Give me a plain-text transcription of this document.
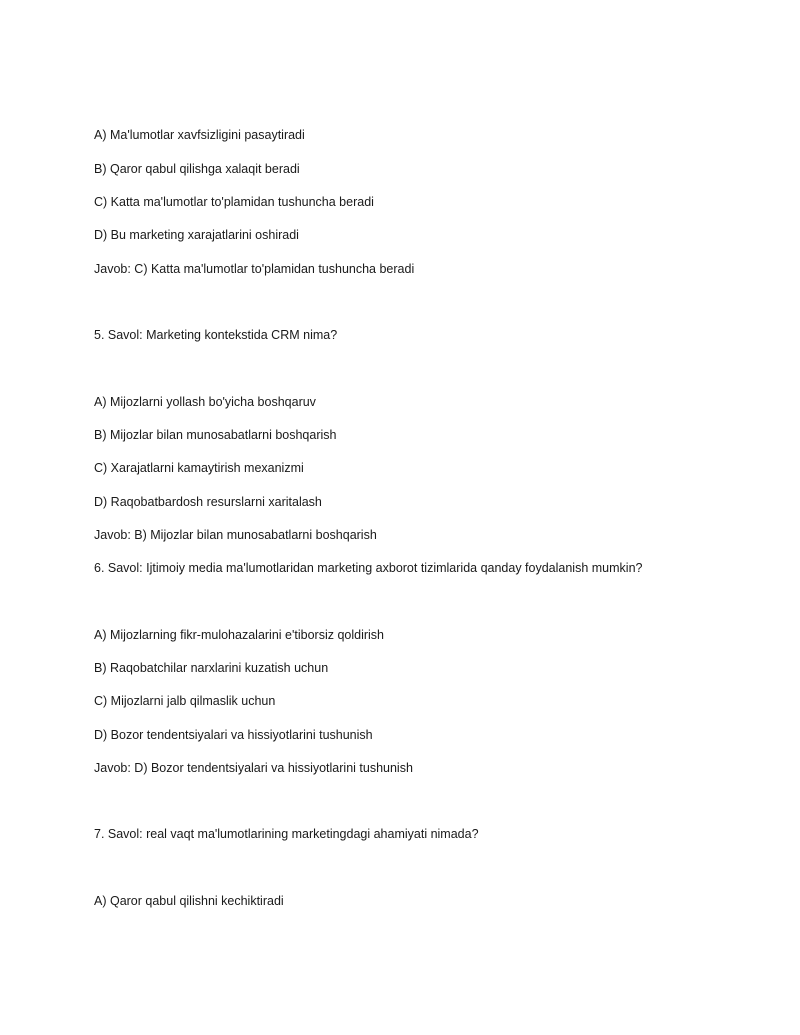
A) Ma'lumotlar xavfsizligini pasaytiradi
B) Qaror qabul qilishga xalaqit beradi
C) Katta ma'lumotlar to'plamidan tushuncha beradi
D) Bu marketing xarajatlarini oshiradi
Javob: C) Katta ma'lumotlar to'plamidan tushuncha beradi
5. Savol: Marketing kontekstida CRM nima?
A) Mijozlarni yollash bo'yicha boshqaruv
B) Mijozlar bilan munosabatlarni boshqarish
C) Xarajatlarni kamaytirish mexanizmi
D) Raqobatbardosh resurslarni xaritalash
Javob: B) Mijozlar bilan munosabatlarni boshqarish
6. Savol: Ijtimoiy media ma'lumotlaridan marketing axborot tizimlarida qanday foydalanish mumkin?
A) Mijozlarning fikr-mulohazalarini e'tiborsiz qoldirish
B) Raqobatchilar narxlarini kuzatish uchun
C) Mijozlarni jalb qilmaslik uchun
D) Bozor tendentsiyalari va hissiyotlarini tushunish
Javob: D) Bozor tendentsiyalari va hissiyotlarini tushunish
7. Savol: real vaqt ma'lumotlarining marketingdagi ahamiyati nimada?
A) Qaror qabul qilishni kechiktiradi
